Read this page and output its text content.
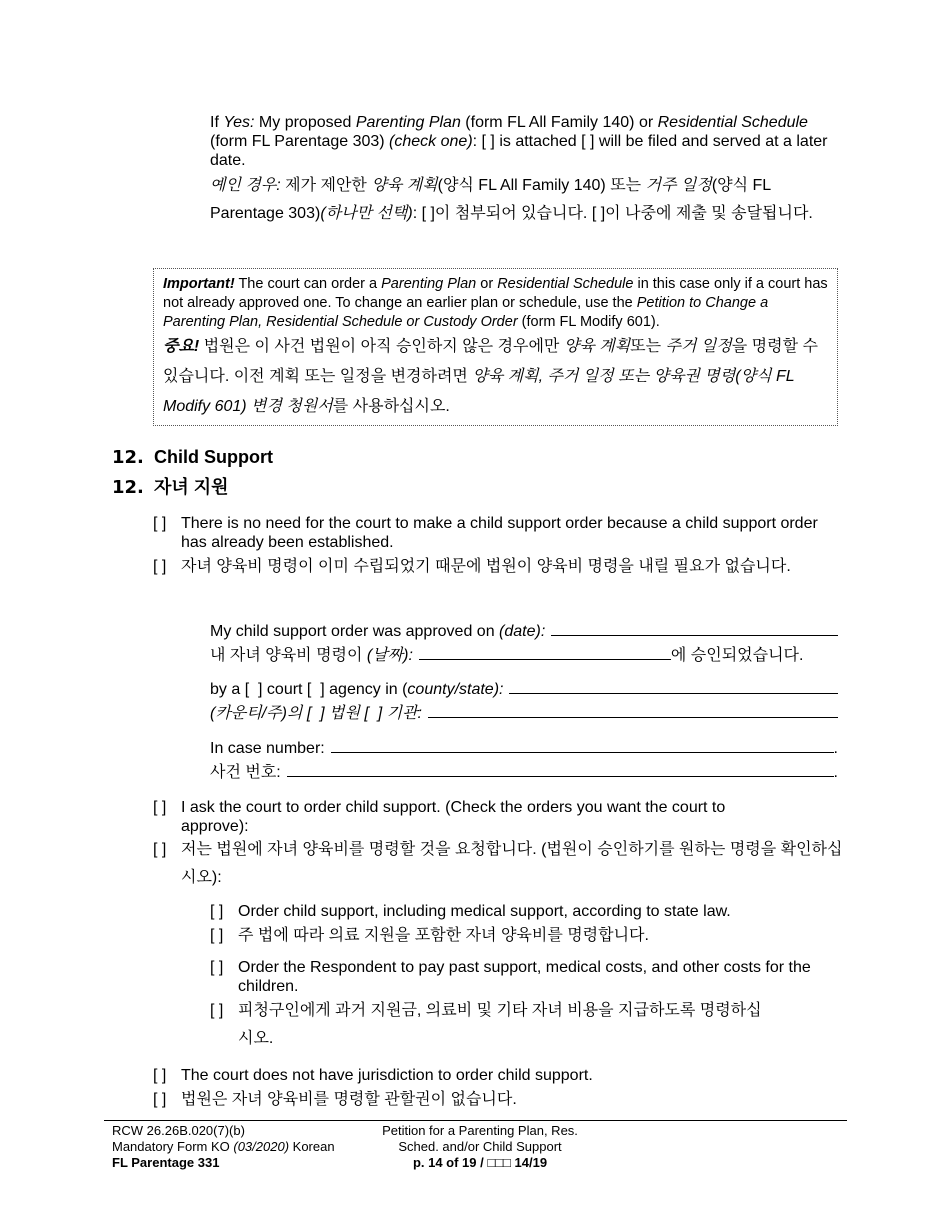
If Yes: My proposed Parenting Plan (form FL All Family 140) or Residential Schedule (form FL Parentage 303) (check one): [ ] is attached [ ] will be filed and served at a later date.
예인 경우: 제가 제안한 양육 계획(양식 FL All Family 140) 또는 거주 일정(양식 FL Parentage 303)(하나만 선택): [ ]이 첨부되어 있습니다. [ ]이 나중에 제출 및 송달됩니다.
Important! The court can order a Parenting Plan or Residential Schedule in this case only if a court has not already approved one. To change an earlier plan or schedule, use the Petition to Change a Parenting Plan, Residential Schedule or Custody Order (form FL Modify 601).
중요! 법원은 이 사건 법원이 아직 승인하지 않은 경우에만 양육 계획또는 주거 일정을 명령할 수 있습니다. 이전 계획 또는 일정을 변경하려면 양육 계획, 주거 일정 또는 양육권 명령(양식 FL Modify 601) 변경 청원서를 사용하십시오.
12. Child Support
12. 자녀 지원
[ ] There is no need for the court to make a child support order because a child support order has already been established.
[ ] 자녀 양육비 명령이 이미 수립되었기 때문에 법원이 양육비 명령을 내릴 필요가 없습니다.
My child support order was approved on (date):
내 자녀 양육비 명령이 (날짜):	에 승인되었습니다.
by a [  ] court [  ] agency in ( county/state ):
(카운티/주)의 [  ] 법원 [  ] 기관:
In case number:	.
사건 번호:	.
[ ] I ask the court to order child support. (Check the orders you want the court to approve):
[ ] 저는 법원에 자녀 양육비를 명령할 것을 요청합니다. (법원이 승인하기를 원하는 명령을 확인하십시오):
[ ] Order child support, including medical support, according to state law.
[ ] 주 법에 따라 의료 지원을 포함한 자녀 양육비를 명령합니다.
[ ] Order the Respondent to pay past support, medical costs, and other costs for the children.
[ ] 피청구인에게 과거 지원금, 의료비 및 기타 자녀 비용을 지급하도록 명령하십시오.
[ ] The court does not have jurisdiction to order child support.
[ ] 법원은 자녀 양육비를 명령할 관할권이 없습니다.
RCW 26.26B.020(7)(b)
Mandatory Form KO (03/2020) Korean
FL Parentage 331
Petition for a Parenting Plan, Res.
Sched. and/or Child Support
p. 14 of 19 / □□□ 14/19
